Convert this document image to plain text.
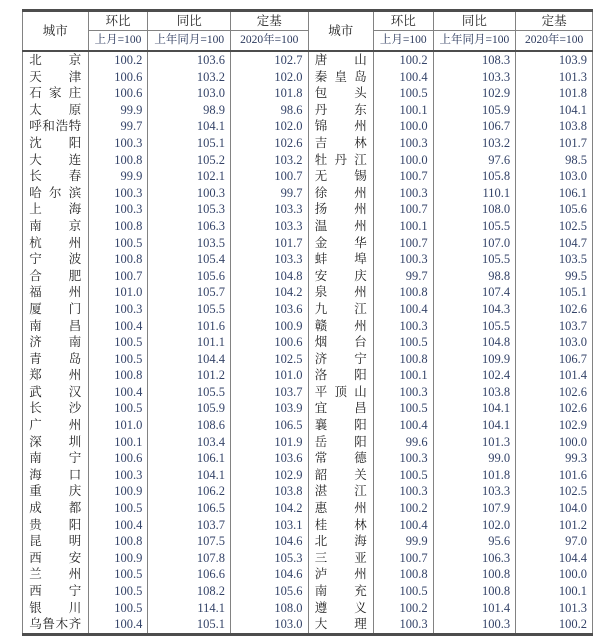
城市	环比	同比	定基
	上月=100	上年同月=100	2020年=100
北京	100.2	103.6	102.7
天津	100.6	103.2	102.0
石家庄	100.6	103.0	101.8
太原	99.9	98.9	98.6
呼和浩特	99.7	104.1	102.0
沈阳	100.3	105.1	102.6
大连	100.8	105.2	103.2
长春	99.9	102.1	100.7
哈尔滨	100.3	100.3	99.7
上海	100.3	105.3	103.3
南京	100.8	106.3	103.3
杭州	100.5	103.5	101.7
宁波	100.8	105.4	103.3
合肥	100.7	105.6	104.8
福州	101.0	105.7	104.2
厦门	100.3	105.5	103.6
南昌	100.4	101.6	100.9
济南	100.5	101.1	100.6
青岛	100.5	104.4	102.5
郑州	100.8	101.2	101.0
武汉	100.4	105.5	103.7
长沙	100.5	105.9	103.9
广州	101.0	108.6	106.5
深圳	100.1	103.4	101.9
南宁	100.6	106.1	103.6
海口	100.3	104.1	102.9
重庆	100.9	106.2	103.8
成都	100.5	106.5	104.2
贵阳	100.4	103.7	103.1
昆明	100.8	107.5	104.6
西安	100.9	107.8	105.3
兰州	100.5	106.6	104.6
西宁	100.5	108.2	105.6
银川	100.5	114.1	108.0
乌鲁木齐	100.4	105.1	103.0
城市	环比	同比	定基
	上月=100	上年同月=100	2020年=100
唐山	100.2	108.3	103.9
秦皇岛	100.4	103.3	101.3
包头	100.5	102.9	101.8
丹东	100.1	105.9	104.1
锦州	100.0	106.7	103.8
吉林	100.3	103.2	101.7
牡丹江	100.0	97.6	98.5
无锡	100.7	105.8	103.0
徐州	100.3	110.1	106.1
扬州	100.7	108.0	105.6
温州	100.1	105.5	102.5
金华	100.7	107.0	104.7
蚌埠	100.3	105.5	103.5
安庆	99.7	98.8	99.5
泉州	100.8	107.4	105.1
九江	100.4	104.3	102.6
赣州	100.3	105.5	103.7
烟台	100.5	104.8	103.0
济宁	100.8	109.9	106.7
洛阳	100.1	102.4	101.4
平顶山	100.3	103.8	102.6
宜昌	100.5	104.1	102.6
襄阳	100.4	104.1	102.9
岳阳	99.6	101.3	100.0
常德	100.3	99.0	99.3
韶关	100.5	101.8	101.6
湛江	100.3	103.3	102.5
惠州	100.2	107.9	104.0
桂林	100.4	102.0	101.2
北海	99.9	95.6	97.0
三亚	100.7	106.3	104.4
泸州	100.8	100.8	100.0
南充	100.5	100.8	100.1
遵义	100.2	101.4	101.3
大理	100.3	100.3	100.2
